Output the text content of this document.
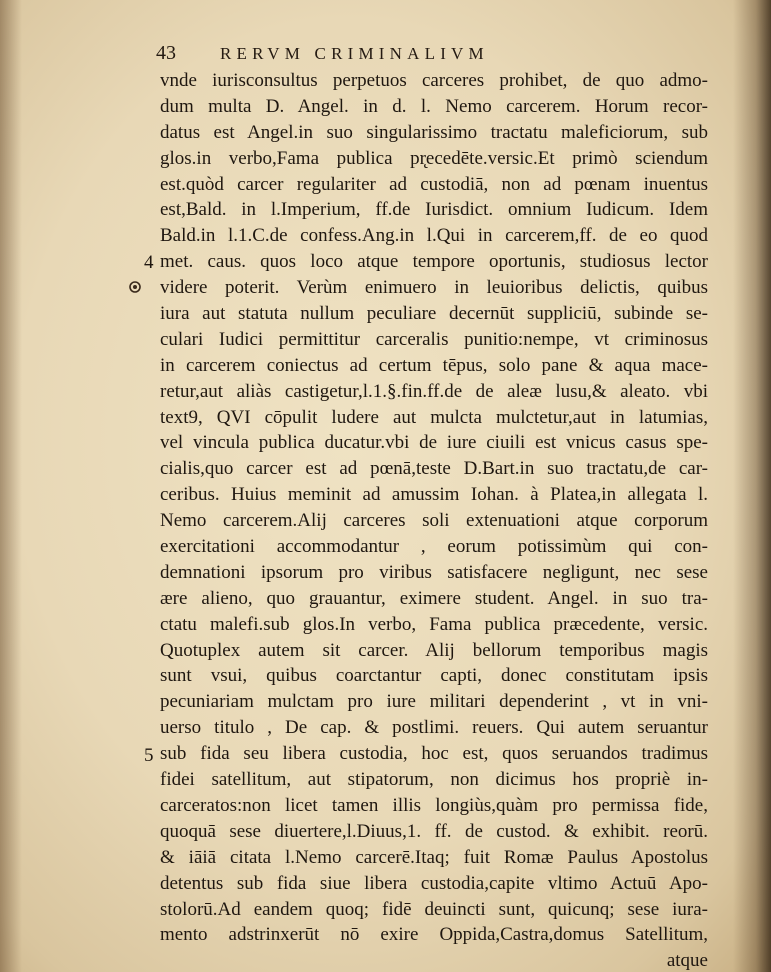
43	RERVM CRIMINALIVM
4
5
vnde iurisconsultus perpetuos carceres prohibet, de quo admo-
dum multa D. Angel. in d. l. Nemo carcerem. Horum recor-
datus est Angel.in suo singularissimo tractatu maleficiorum, sub
glos.in verbo,Fama publica pr̨ecedēte.versic.Et primò sciendum
est.quòd carcer regulariter ad custodiā, non ad pœnam inuentus
est,Bald. in l.Imperium, ff.de Iurisdict. omnium Iudicum. Idem
Bald.in l.1.C.de confess.Ang.in l.Qui in carcerem,ff. de eo quod
met. caus. quos loco atque tempore oportunis, studiosus lector
videre poterit. Verùm enimuero in leuioribus delictis, quibus
iura aut statuta nullum peculiare decernūt suppliciū, subinde se-
culari Iudici permittitur carceralis punitio:nempe, vt criminosus
in carcerem coniectus ad certum tēpus, solo pane & aqua mace-
retur,aut aliàs castigetur,l.1.§.fin.ff.de de aleæ lusu,& aleato. vbi
text9, QVI cōpulit ludere aut mulcta mulctetur,aut in latumias,
vel vincula publica ducatur.vbi de iure ciuili est vnicus casus spe-
cialis,quo carcer est ad pœnā,teste D.Bart.in suo tractatu,de car-
ceribus. Huius meminit ad amussim Iohan. à Platea,in allegata l.
Nemo carcerem.Alij carceres soli extenuationi atque corporum
exercitationi accommodantur , eorum potissimùm qui con-
demnationi ipsorum pro viribus satisfacere negligunt, nec sese
ære alieno, quo grauantur, eximere student. Angel. in suo tra-
ctatu malefi.sub glos.In verbo, Fama publica præcedente, versic.
Quotuplex autem sit carcer. Alij bellorum temporibus magis
sunt vsui, quibus coarctantur capti, donec constitutam ipsis
pecuniariam mulctam pro iure militari dependerint , vt in vni-
uerso titulo , De cap. & postlimi. reuers. Qui autem seruantur
sub fida seu libera custodia, hoc est, quos seruandos tradimus
fidei satellitum, aut stipatorum, non dicimus hos propriè in-
carceratos:non licet tamen illis longiùs,quàm pro permissa fide,
quoquā sese diuertere,l.Diuus,1. ff. de custod. & exhibit. reorū.
& iāiā citata l.Nemo carcerē.Itaq; fuit Romæ Paulus Apostolus
detentus sub fida siue libera custodia,capite vltimo Actuū Apo-
stolorū.Ad eandem quoq; fidē deuincti sunt, quicunq; sese iura-
mento adstrinxerūt nō exire Oppida,Castra,domus Satellitum,
atque
